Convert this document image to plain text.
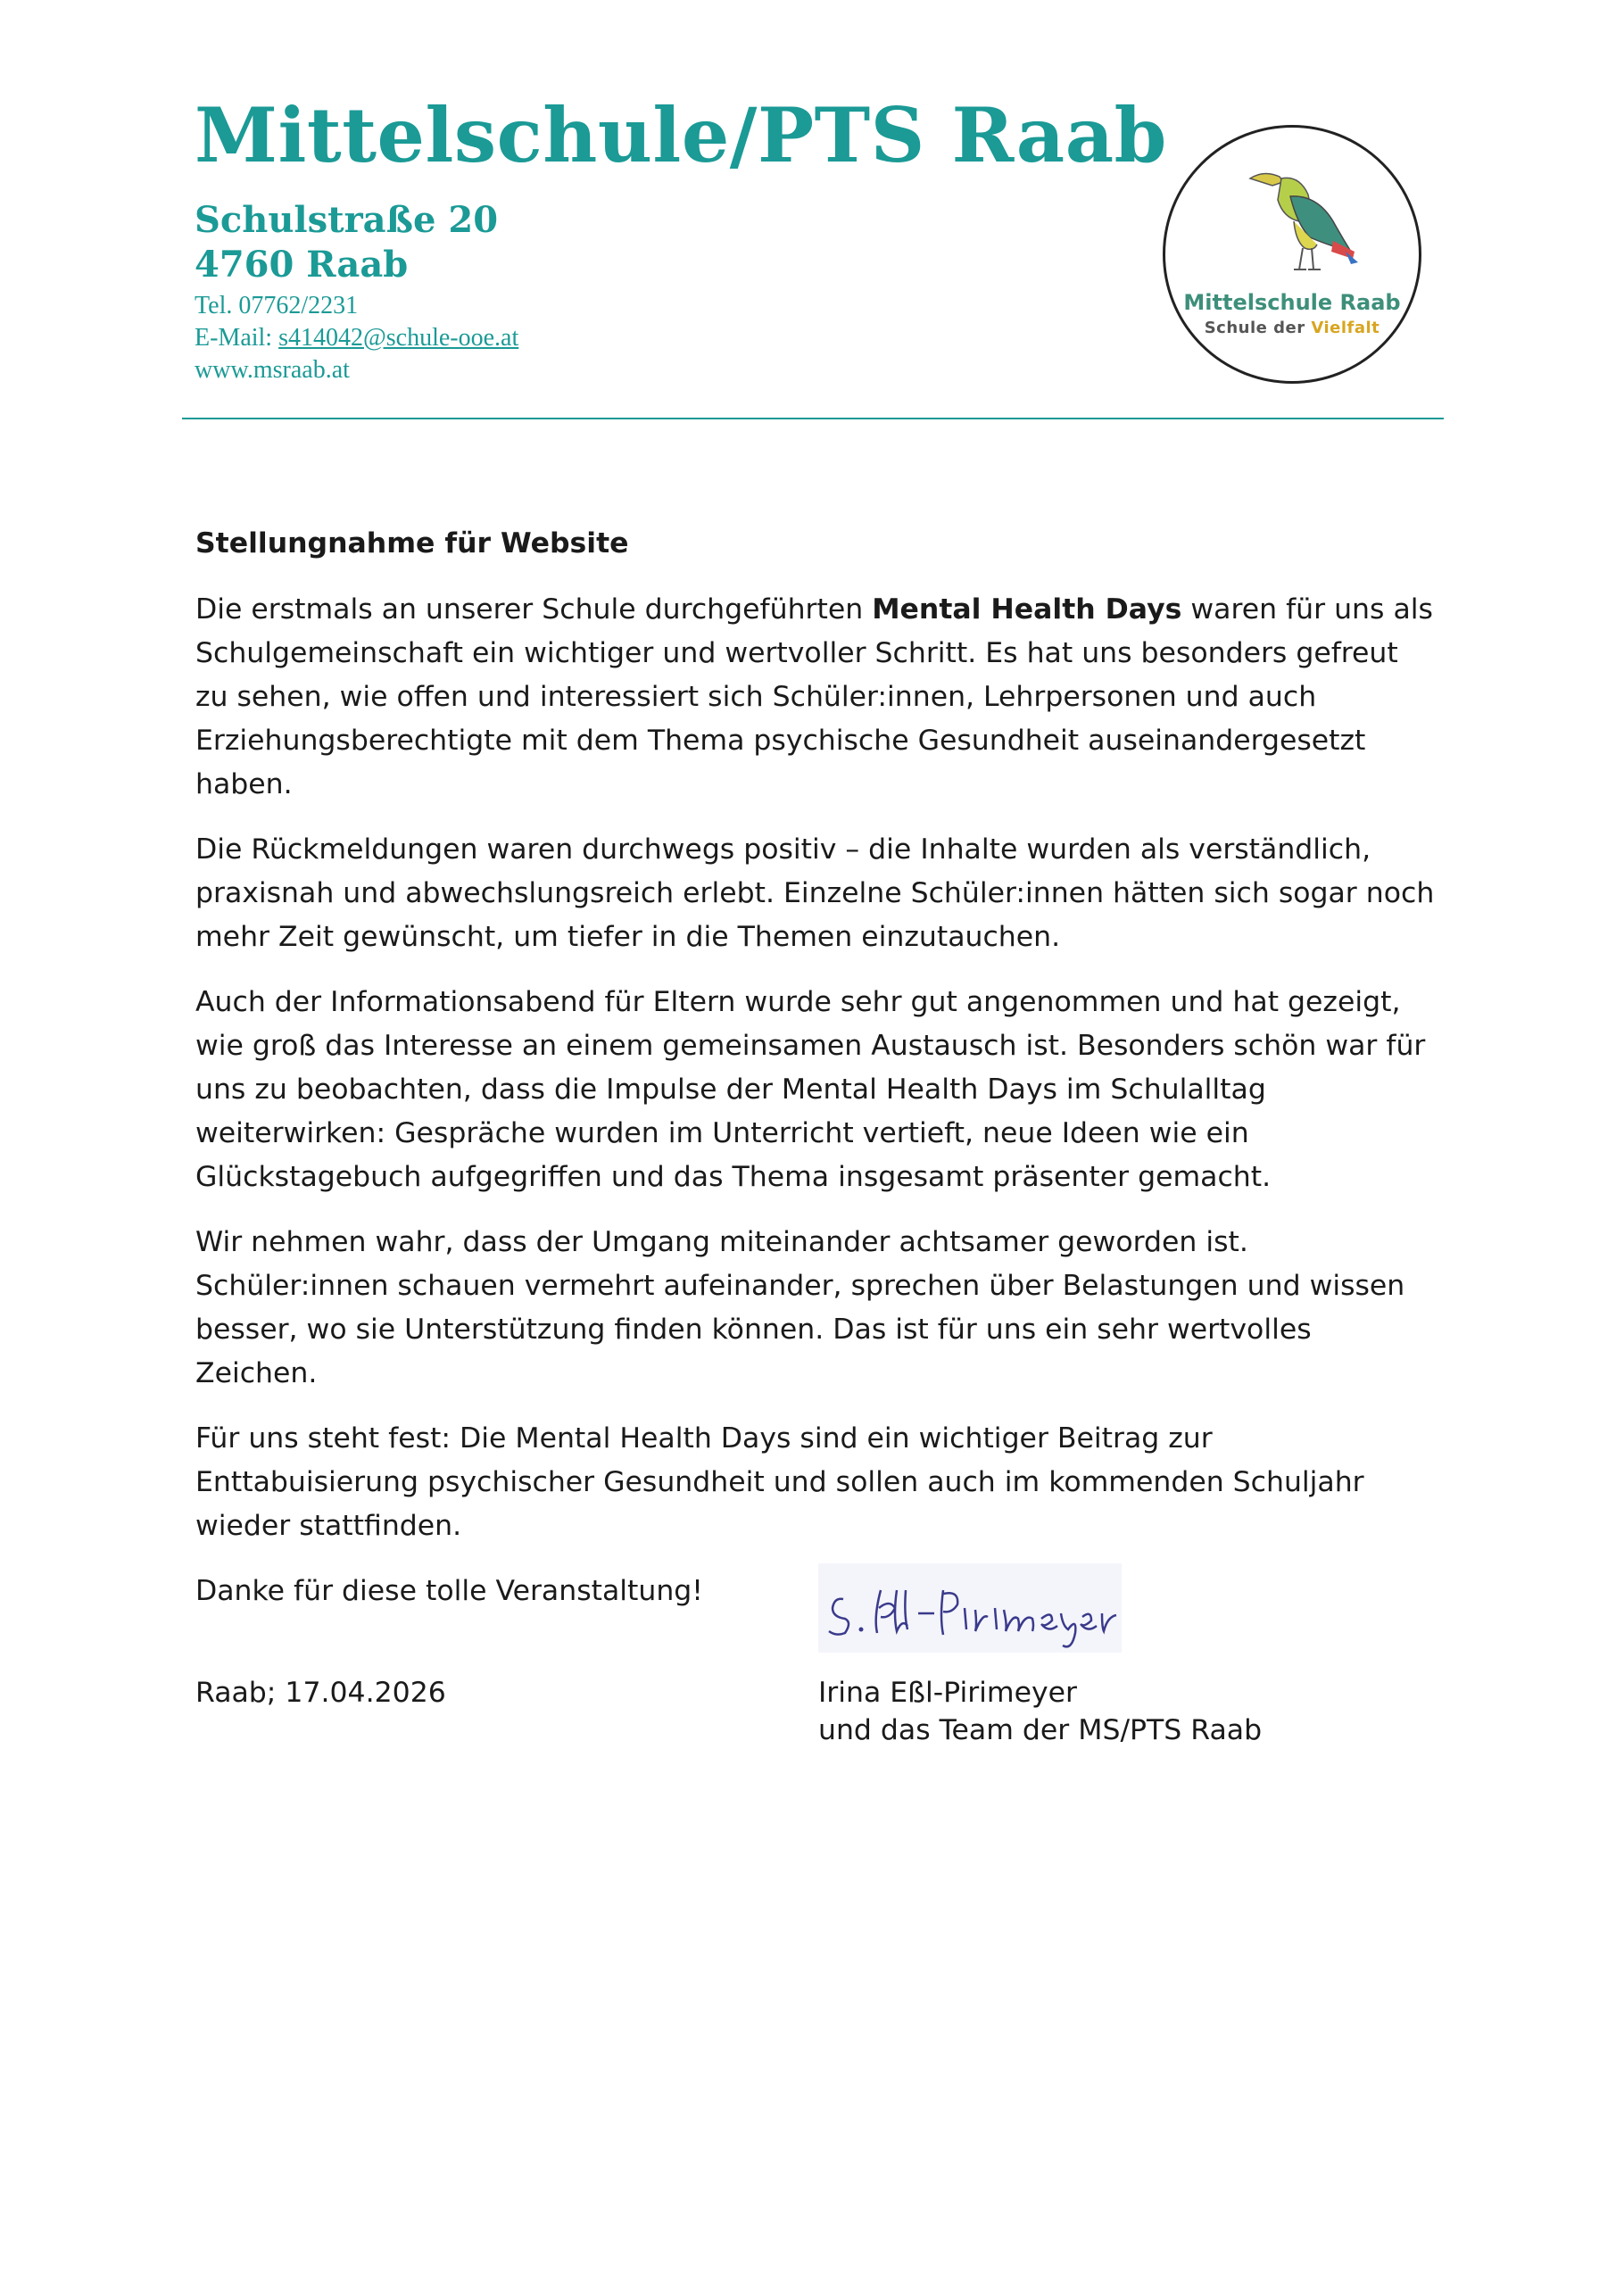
Mittelschule/PTS Raab
Schulstraße 20
4760 Raab
Tel. 07762/2231
E-Mail: s414042@schule-ooe.at
www.msraab.at
Mittelschule Raab
Schule der Vielfalt
Stellungnahme für Website

Die erstmals an unserer Schule durchgeführten Mental Health Days waren für uns als Schulgemeinschaft ein wichtiger und wertvoller Schritt. Es hat uns besonders gefreut zu sehen, wie offen und interessiert sich Schüler:innen, Lehrpersonen und auch Erziehungsberechtigte mit dem Thema psychische Gesundheit auseinandergesetzt haben.

Die Rückmeldungen waren durchwegs positiv – die Inhalte wurden als verständlich, praxisnah und abwechslungsreich erlebt. Einzelne Schüler:innen hätten sich sogar noch mehr Zeit gewünscht, um tiefer in die Themen einzutauchen.

Auch der Informationsabend für Eltern wurde sehr gut angenommen und hat gezeigt, wie groß das Interesse an einem gemeinsamen Austausch ist. Besonders schön war für uns zu beobachten, dass die Impulse der Mental Health Days im Schulalltag weiterwirken: Gespräche wurden im Unterricht vertieft, neue Ideen wie ein Glückstagebuch aufgegriffen und das Thema insgesamt präsenter gemacht.

Wir nehmen wahr, dass der Umgang miteinander achtsamer geworden ist. Schüler:innen schauen vermehrt aufeinander, sprechen über Belastungen und wissen besser, wo sie Unterstützung finden können. Das ist für uns ein sehr wertvolles Zeichen.

Für uns steht fest: Die Mental Health Days sind ein wichtiger Beitrag zur Enttabuisierung psychischer Gesundheit und sollen auch im kommenden Schuljahr wieder stattfinden.

Danke für diese tolle Veranstaltung!

S. Eßl-Pirimeyer
Raab; 17.04.2026	Irina Eßl-Pirimeyer
und das Team der MS/PTS Raab
